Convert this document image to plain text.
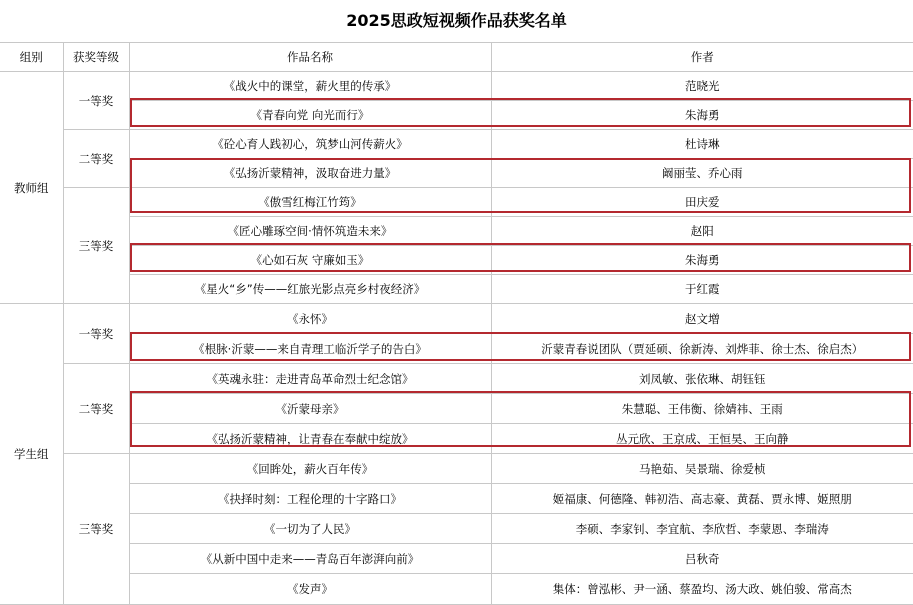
2025思政短视频作品获奖名单
组别	获奖等级	作品名称	作者
教师组	一等奖	《战火中的课堂，薪火里的传承》	范晓光
		《青春向党 向光而行》	朱海勇
	二等奖	《砼心育人践初心，筑梦山河传薪火》	杜诗琳
		《弘扬沂蒙精神，汲取奋进力量》	阚丽莹、乔心雨
	三等奖	《傲雪红梅江竹筠》	田庆爱
		《匠心雕琢空间·情怀筑造未来》	赵阳
		《心如石灰 守廉如玉》	朱海勇
		《星火“乡”传——红旅光影点亮乡村夜经济》	于红霞
学生组	一等奖	《永怀》	赵文増
		《根脉·沂蒙——来自青理工临沂学子的告白》	沂蒙青春说团队（贾延硕、徐新涛、刘烨菲、徐士杰、徐启杰）
	二等奖	《英魂永驻：走进青岛革命烈士纪念馆》	刘凤敏、张依琳、胡钰钰
		《沂蒙母亲》	朱慧聪、王伟衡、徐婧祎、王雨
		《弘扬沂蒙精神，让青春在奉献中绽放》	丛元欣、王京成、王恒昊、王向静
	三等奖	《回眸处，薪火百年传》	马艳茹、吴景瑞、徐爱桢
		《抉择时刻：工程伦理的十字路口》	姬福康、何德隆、韩初浩、高志豪、黄磊、贾永博、姬照朋
		《一切为了人民》	李硕、李家钊、李宜航、李欣哲、李蒙恩、李瑞涛
		《从新中国中走来——青岛百年澎湃向前》	吕秋奇
		《发声》	集体：曾泓彬、尹一涵、蔡盈均、汤大政、姚伯骏、常高杰
